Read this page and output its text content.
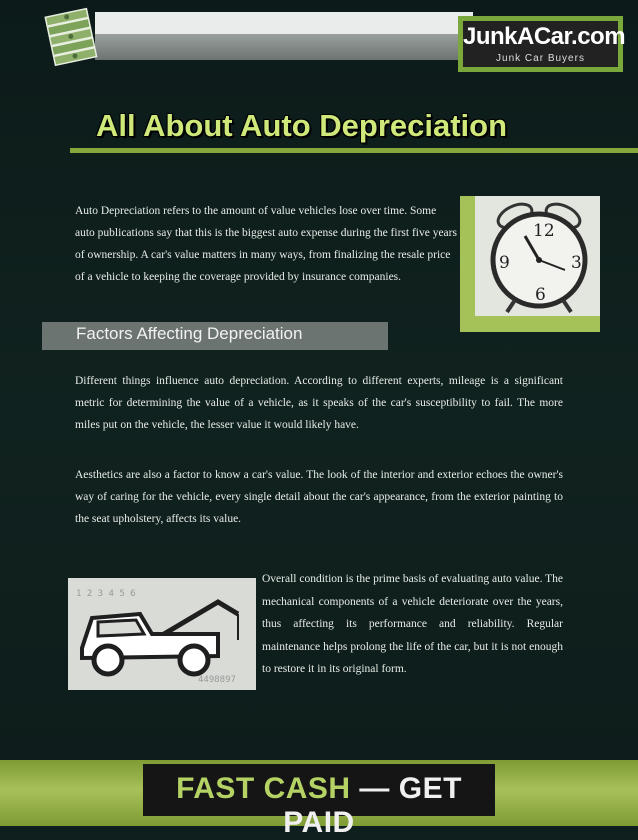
JunkACar.com
Junk Car Buyers
All About Auto Depreciation
Auto Depreciation refers to the amount of value vehicles lose over time. Some auto publications say that this is the biggest auto expense during the first five years of ownership. A car's value matters in many ways, from finalizing the resale price of a vehicle to keeping the coverage provided by insurance companies.
12
3
6
9
Factors Affecting Depreciation
Different things influence auto depreciation. According to different experts, mileage is a significant metric for determining the value of a vehicle, as it speaks of the car's susceptibility to fail. The more miles put on the vehicle, the lesser value it would likely have.
Aesthetics are also a factor to know a car's value. The look of the interior and exterior echoes the owner's way of caring for the vehicle, every single detail about the car's appearance, from the exterior painting to the seat upholstery, affects its value.
Overall condition is the prime basis of evaluating auto value. The mechanical components of a vehicle deteriorate over the years, thus affecting its performance and reliability. Regular maintenance helps prolong the life of the car, but it is not enough to restore it in its original form.
1 2 3 4 5 6
4498897
FAST CASH — GET PAID
